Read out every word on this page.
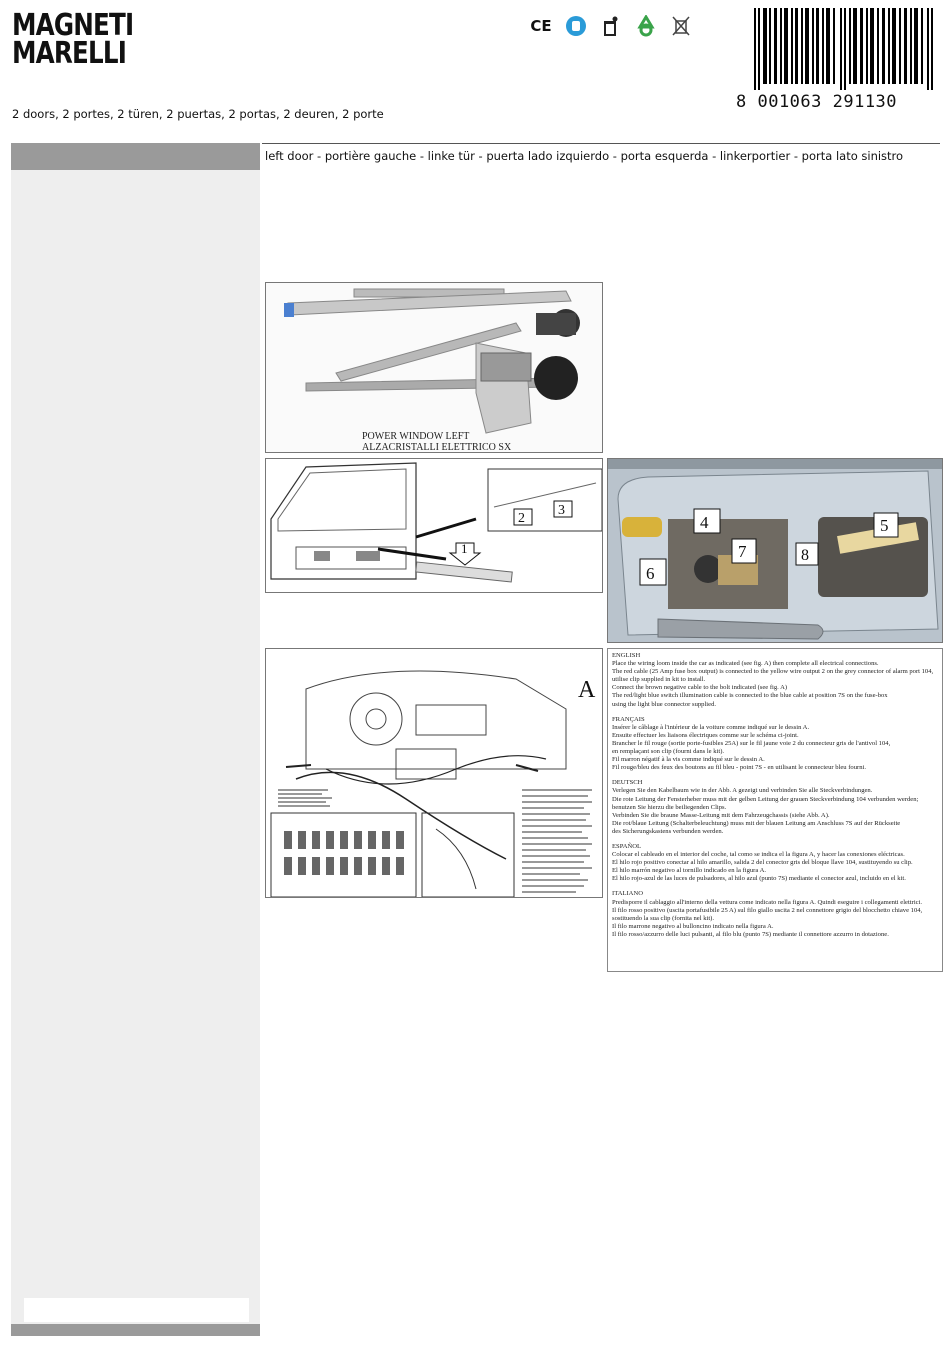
MAGNETI
MARELLI
CE
8 001063 291130
2 doors, 2 portes, 2 türen, 2 puertas, 2 portas, 2 deuren, 2 porte
left door - portière gauche - linke tür - puerta lado izquierdo - porta esquerda - linkerportier - porta lato sinistro
POWER WINDOW LEFT
ALZACRISTALLI ELETTRICO SX
1
2
3
4	5
6
7	8
A
ENGLISH
Place the wiring loom inside the car as indicated (see fig. A) then complete all electrical connections.
The red cable (25 Amp fuse box output) is connected to the yellow wire output 2 on the grey connector of alarm port 104,
utilise clip supplied in kit to install.
Connect the brown negative cable to the bolt indicated (see fig. A)
The red/light blue switch illumination cable is connected to the blue cable at position 7S on the fuse-box
using the light blue connector supplied.
FRANÇAIS
Insérer le câblage à l'intérieur de la voiture comme indiqué sur le dessin A.
Ensuite effectuer les liaisons électriques comme sur le schéma ci-joint.
Brancher le fil rouge (sortie porte-fusibles 25A) sur le fil jaune voie 2 du connecteur gris de l'antivol 104,
en remplaçant son clip (fourni dans le kit).
Fil marron négatif à la vis comme indiqué sur le dessin A.
Fil rouge/bleu des feux des boutons au fil bleu - point 7S - en utilisant le connecteur bleu fourni.
DEUTSCH
Verlegen Sie den Kabelbaum wie in der Abb. A gezeigt und verbinden Sie alle Steckverbindungen.
Die rote Leitung der Fensterheber muss mit der gelben Leitung der grauen Steckverbindung 104 verbunden werden;
benutzen Sie hierzu die beiliegenden Clips.
Verbinden Sie die braune Masse-Leitung mit dem Fahrzeugchassis (siehe Abb. A).
Die rot/blaue Leitung (Schalterbeleuchtung) muss mit der blauen Leitung am Anschluss 7S auf der Rückseite
des Sicherungskastens verbunden werden.
ESPAÑOL
Colocar el cableado en el interior del coche, tal como se indica el la figura A, y hacer las conexiones eléctricas.
El hilo rojo positivo conectar al hilo amarillo, salida 2 del conector gris del bloque llave 104, sustituyendo su clip.
El hilo marrón negativo al tornillo indicado en la figura A.
El hilo rojo-azul de las luces de pulsadores, al hilo azul (punto 7S) mediante el conector azul, incluido en el kit.
ITALIANO
Predisporre il cablaggio all'interno della vettura come indicato nella figura A. Quindi eseguire i collegamenti elettrici.
Il filo rosso positivo (uscita portafusibile 25 A) sul filo giallo uscita 2 nel connettore grigio del blocchetto chiave 104,
sostituendo la sua clip (fornita nel kit).
Il filo marrone negativo al bulloncino indicato nella figura A.
Il filo rosso/azzurro delle luci pulsanti, al filo blu (punto 7S) mediante il connettore azzurro in dotazione.
